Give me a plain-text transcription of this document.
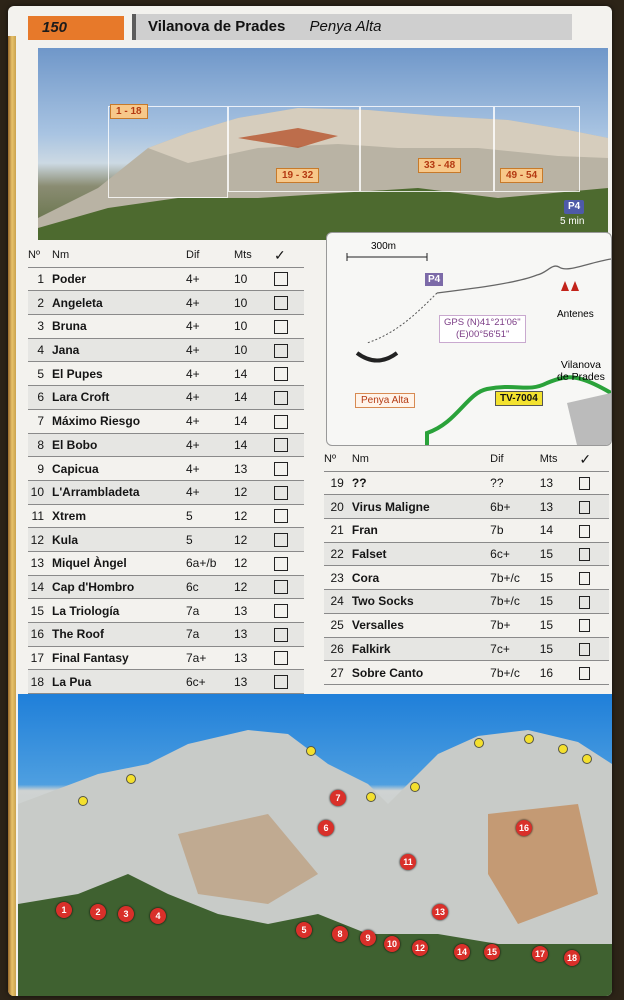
150	Vilanova de Prades Penya Alta
1 - 18
19 - 32
33 - 48
49 - 54
P4
5 min
Nº	Nm	Dif	Mts	✓
1	Poder	4+	10	
2	Angeleta	4+	10	
3	Bruna	4+	10	
4	Jana	4+	10	
5	El Pupes	4+	14	
6	Lara Croft	4+	14	
7	Máximo Riesgo	4+	14	
8	El Bobo	4+	14	
9	Capicua	4+	13	
10	L'Arrambladeta	4+	12	
11	Xtrem	5	12	
12	Kula	5	12	
13	Miquel Àngel	6a+/b	12	
14	Cap d'Hombro	6c	12	
15	La Triología	7a	13	
16	The Roof	7a	13	
17	Final Fantasy	7a+	13	
18	La Pua	6c+	13	
300m
P4
GPS (N)41°21'06"
(E)00°56'51"
Antenes
Vilanova
de Prades
TV-7004
Penya Alta
Nº	Nm	Dif	Mts	✓
19	??	??	13	
20	Virus Maligne	6b+	13	
21	Fran	7b	14	
22	Falset	6c+	15	
23	Cora	7b+/c	15	
24	Two Socks	7b+/c	15	
25	Versalles	7b+	15	
26	Falkirk	7c+	15	
27	Sobre Canto	7b+/c	16	
1	2	3	4
5
6
7
8	9
10
11
12
13
14	15
16
17	18
